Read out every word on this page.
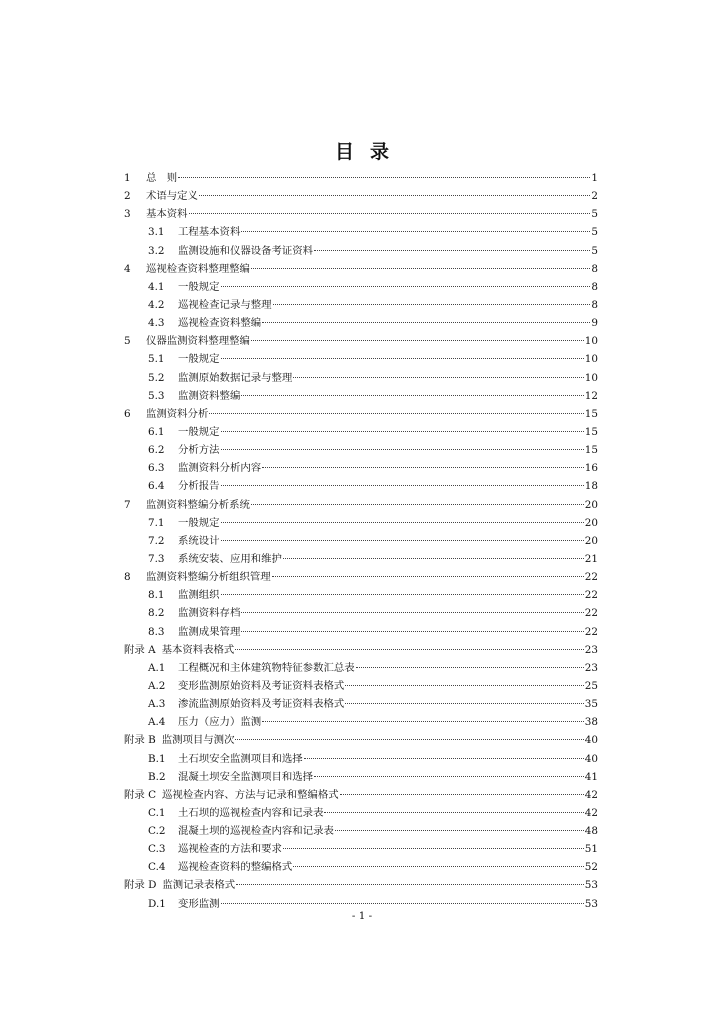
目 录
1	总　则	1
2	术语与定义	2
3	基本资料	5
3.1	工程基本资料	5
3.2	监测设施和仪器设备考证资料	5
4	巡视检查资料整理整编	8
4.1	一般规定	8
4.2	巡视检查记录与整理	8
4.3	巡视检查资料整编	9
5	仪器监测资料整理整编	10
5.1	一般规定	10
5.2	监测原始数据记录与整理	10
5.3	监测资料整编	12
6	监测资料分析	15
6.1	一般规定	15
6.2	分析方法	15
6.3	监测资料分析内容	16
6.4	分析报告	18
7	监测资料整编分析系统	20
7.1	一般规定	20
7.2	系统设计	20
7.3	系统安装、应用和维护	21
8	监测资料整编分析组织管理	22
8.1	监测组织	22
8.2	监测资料存档	22
8.3	监测成果管理	22
附录 A 基本资料表格式	23
A.1	工程概况和主体建筑物特征参数汇总表	23
A.2	变形监测原始资料及考证资料表格式	25
A.3	渗流监测原始资料及考证资料表格式	35
A.4	压力（应力）监测	38
附录 B 监测项目与测次	40
B.1	土石坝安全监测项目和选择	40
B.2	混凝土坝安全监测项目和选择	41
附录 C 巡视检查内容、方法与记录和整编格式	42
C.1	土石坝的巡视检查内容和记录表	42
C.2	混凝土坝的巡视检查内容和记录表	48
C.3	巡视检查的方法和要求	51
C.4	巡视检查资料的整编格式	52
附录 D 监测记录表格式	53
D.1	变形监测	53
- 1 -
